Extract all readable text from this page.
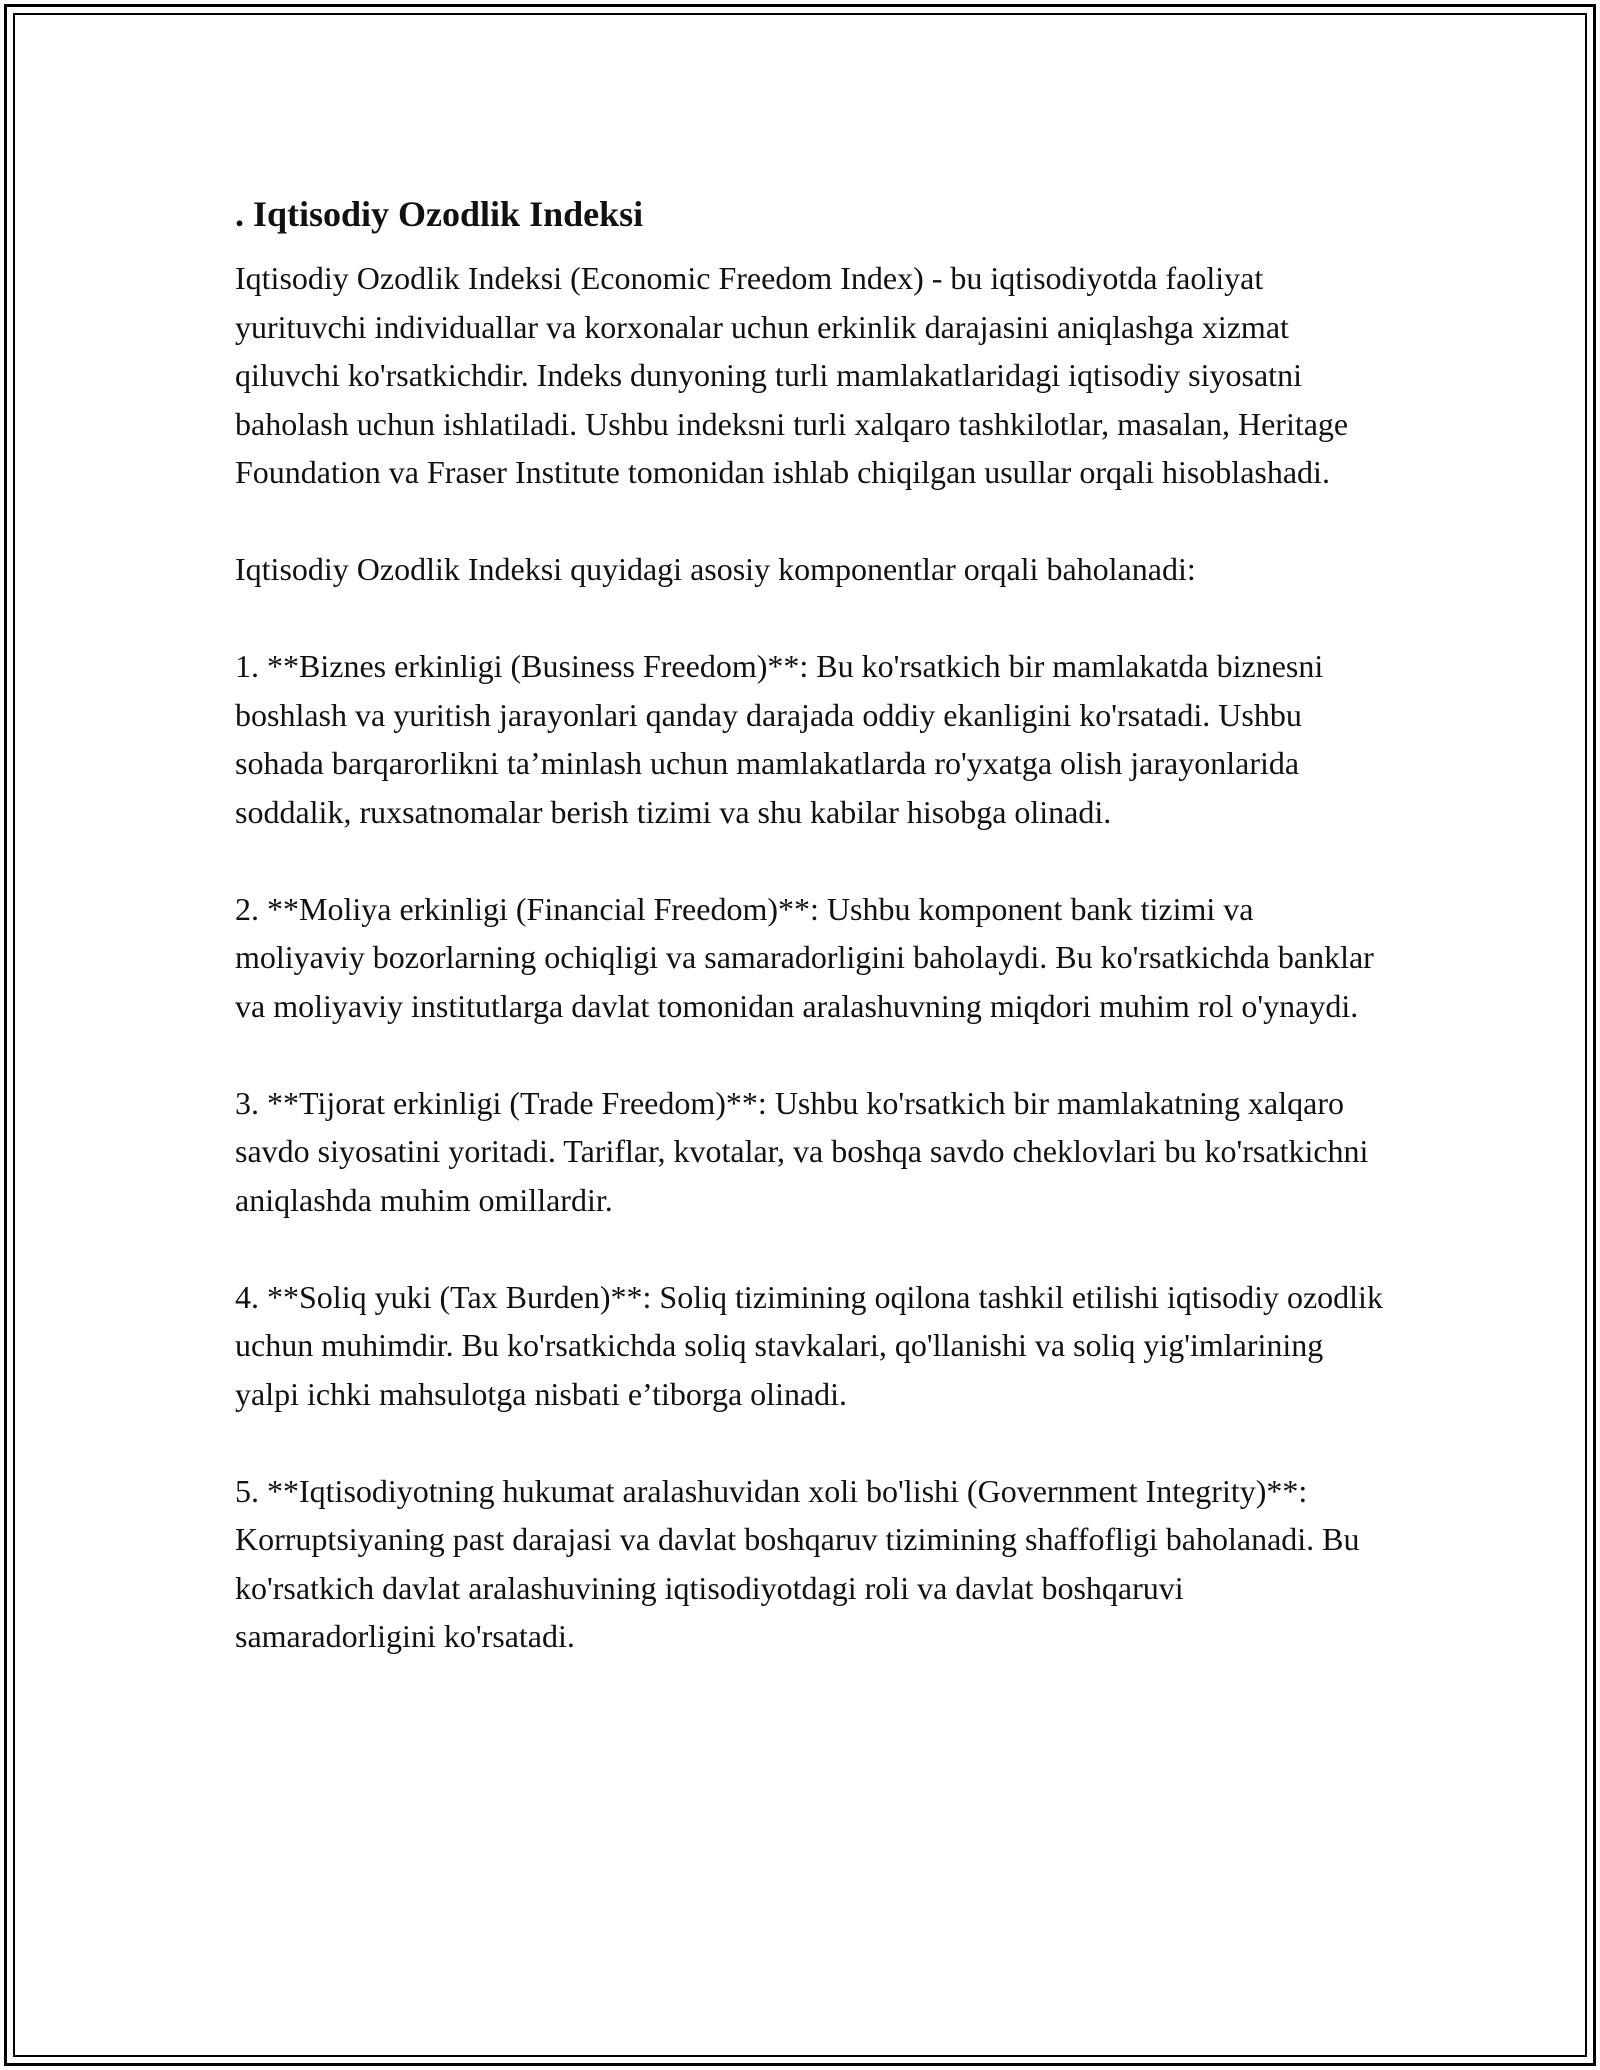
. Iqtisodiy Ozodlik Indeksi

Iqtisodiy Ozodlik Indeksi (Economic Freedom Index) - bu iqtisodiyotda faoliyat yurituvchi individuallar va korxonalar uchun erkinlik darajasini aniqlashga xizmat qiluvchi ko'rsatkichdir. Indeks dunyoning turli mamlakatlaridagi iqtisodiy siyosatni baholash uchun ishlatiladi. Ushbu indeksni turli xalqaro tashkilotlar, masalan, Heritage Foundation va Fraser Institute tomonidan ishlab chiqilgan usullar orqali hisoblashadi.

Iqtisodiy Ozodlik Indeksi quyidagi asosiy komponentlar orqali baholanadi:

1. **Biznes erkinligi (Business Freedom)**: Bu ko'rsatkich bir mamlakatda biznesni boshlash va yuritish jarayonlari qanday darajada oddiy ekanligini ko'rsatadi. Ushbu sohada barqarorlikni ta’minlash uchun mamlakatlarda ro'yxatga olish jarayonlarida soddalik, ruxsatnomalar berish tizimi va shu kabilar hisobga olinadi.

2. **Moliya erkinligi (Financial Freedom)**: Ushbu komponent bank tizimi va moliyaviy bozorlarning ochiqligi va samaradorligini baholaydi. Bu ko'rsatkichda banklar va moliyaviy institutlarga davlat tomonidan aralashuvning miqdori muhim rol o'ynaydi.

3. **Tijorat erkinligi (Trade Freedom)**: Ushbu ko'rsatkich bir mamlakatning xalqaro savdo siyosatini yoritadi. Tariflar, kvotalar, va boshqa savdo cheklovlari bu ko'rsatkichni aniqlashda muhim omillardir.

4. **Soliq yuki (Tax Burden)**: Soliq tizimining oqilona tashkil etilishi iqtisodiy ozodlik uchun muhimdir. Bu ko'rsatkichda soliq stavkalari, qo'llanishi va soliq yig'imlarining yalpi ichki mahsulotga nisbati e’tiborga olinadi.

5. **Iqtisodiyotning hukumat aralashuvidan xoli bo'lishi (Government Integrity)**: Korruptsiyaning past darajasi va davlat boshqaruv tizimining shaffofligi baholanadi. Bu ko'rsatkich davlat aralashuvining iqtisodiyotdagi roli va davlat boshqaruvi samaradorligini ko'rsatadi.
